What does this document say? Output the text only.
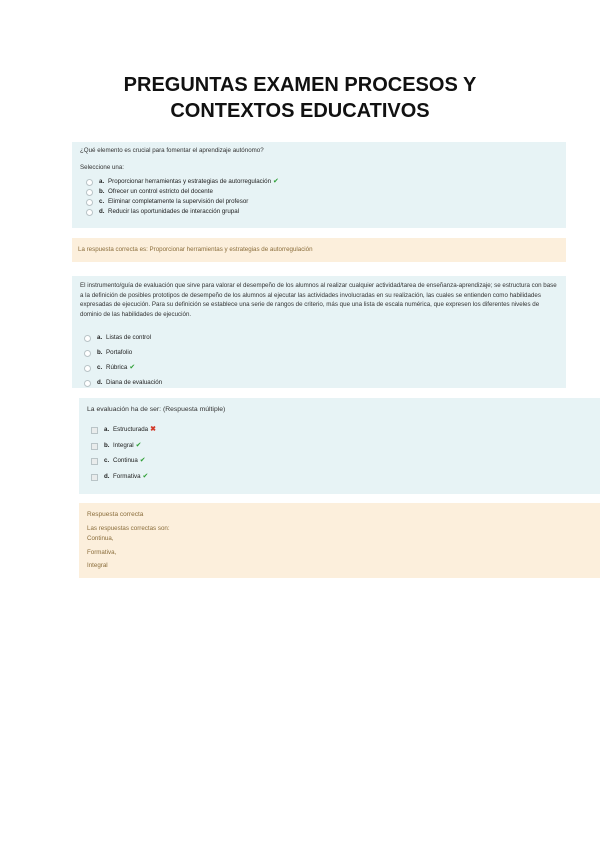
PREGUNTAS EXAMEN PROCESOS Y
CONTEXTOS EDUCATIVOS
¿Qué elemento es crucial para fomentar el aprendizaje autónomo?
Seleccione una:
a. Proporcionar herramientas y estrategias de autorregulación ✔
b. Ofrecer un control estricto del docente
c. Eliminar completamente la supervisión del profesor
d. Reducir las oportunidades de interacción grupal
La respuesta correcta es: Proporcionar herramientas y estrategias de autorregulación
El instrumento/guía de evaluación que sirve para valorar el desempeño de los alumnos al realizar cualquier actividad/tarea de enseñanza-aprendizaje; se estructura con base a la definición de posibles prototipos de desempeño de los alumnos al ejecutar las actividades involucradas en su realización, las cuales se entienden como habilidades expresadas de ejecución. Para su definición se establece una serie de rangos de criterio, más que una lista de escala numérica, que expresen los diferentes niveles de dominio de las habilidades de ejecución.
a. Listas de control
b. Portafolio
c. Rúbrica ✔
d. Diana de evaluación
La evaluación ha de ser: (Respuesta múltiple)
a. Estructurada ✖
b. Integral ✔
c. Continua ✔
d. Formativa ✔
Respuesta correcta
Las respuestas correctas son:
Continua,
Formativa,
Integral
